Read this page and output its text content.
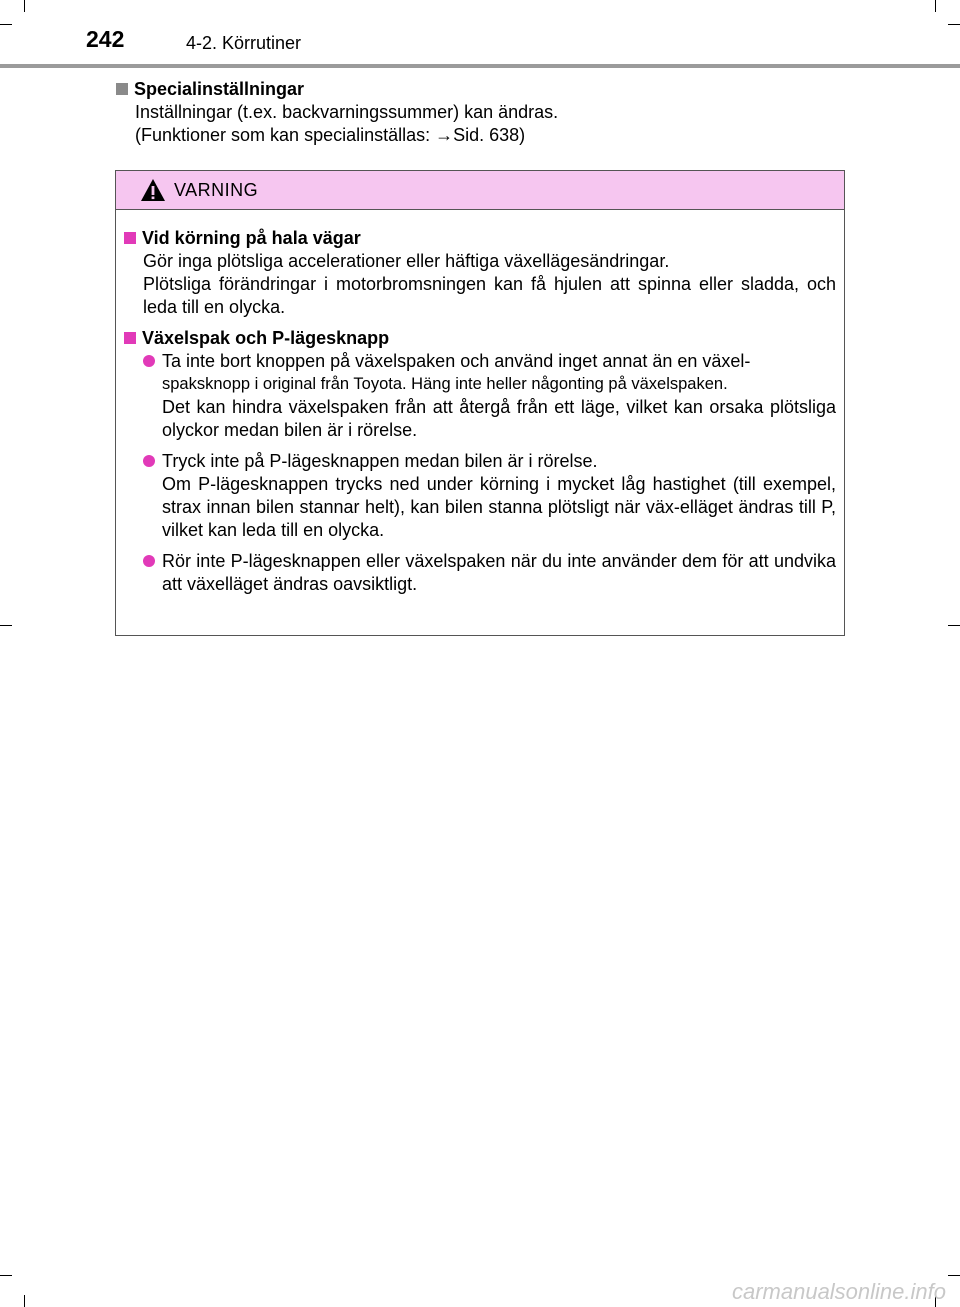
242	4-2. Körrutiner
Specialinställningar
Inställningar (t.ex. backvarningssummer) kan ändras.
(Funktioner som kan specialinställas: →Sid. 638)
VARNING
Vid körning på hala vägar
Gör inga plötsliga accelerationer eller häftiga växellägesändringar.
Plötsliga förändringar i motorbromsningen kan få hjulen att spinna eller sladda, och leda till en olycka.
Växelspak och P-lägesknapp
Ta inte bort knoppen på växelspaken och använd inget annat än en växel-
spaksknopp i original från Toyota. Häng inte heller någonting på växelspaken.
Det kan hindra växelspaken från att återgå från ett läge, vilket kan orsaka plötsliga olyckor medan bilen är i rörelse.
Tryck inte på P-lägesknappen medan bilen är i rörelse.
Om P-lägesknappen trycks ned under körning i mycket låg hastighet (till exempel, strax innan bilen stannar helt), kan bilen stanna plötsligt när väx-elläget ändras till P, vilket kan leda till en olycka.
Rör inte P-lägesknappen eller växelspaken när du inte använder dem för att undvika att växelläget ändras oavsiktligt.
carmanualsonline.info
